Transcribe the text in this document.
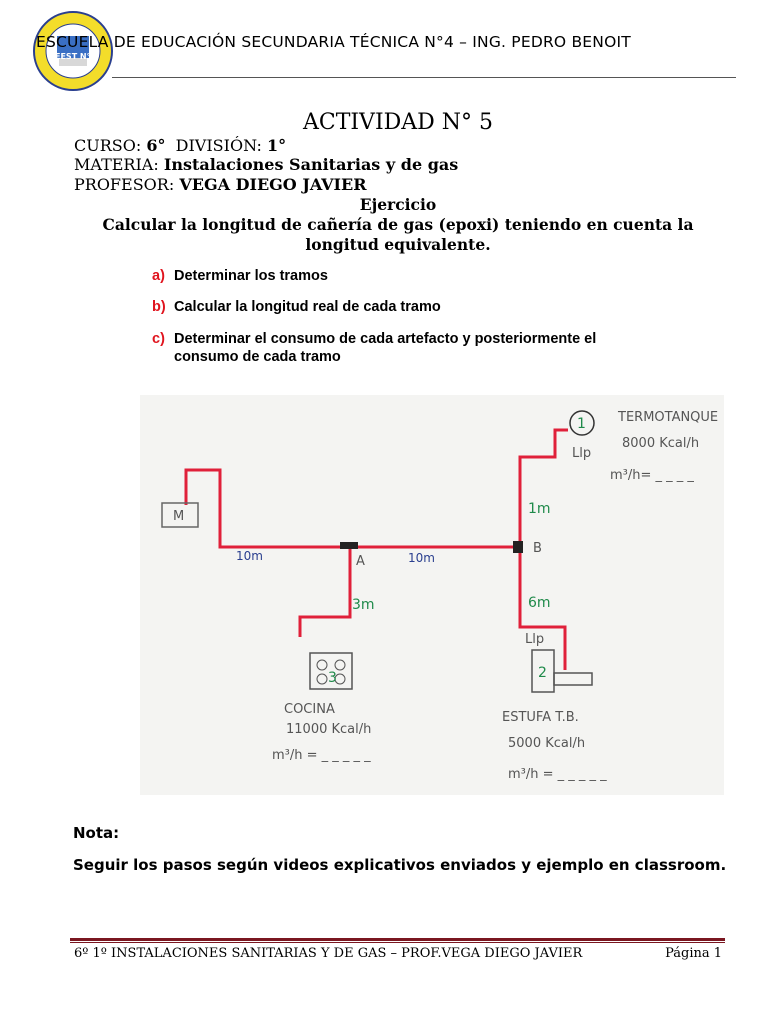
EEST N°4
ESCUELA DE EDUCACIÓN SECUNDARIA TÉCNICA N°4 – ING. PEDRO BENOIT
ACTIVIDAD N° 5
CURSO: 6° DIVISIÓN: 1°
MATERIA: Instalaciones Sanitarias y de gas
PROFESOR: VEGA DIEGO JAVIER
Ejercicio
Calcular la longitud de cañería de gas (epoxi) teniendo en cuenta la
longitud equivalente.
a) Determinar los tramos
b) Calcular la longitud real de cada tramo
c) Determinar el consumo de cada artefacto y posteriormente el consumo de cada tramo
M
A
B
10m	10m
1m
6m
3m
1 TERMOTANQUE
8000 Kcal/h
m³/h= _ _ _ _
Llp
2
Llp
ESTUFA T.B.
5000 Kcal/h
m³/h = _ _ _ _ _
3
COCINA
11000 Kcal/h
m³/h = _ _ _ _ _
Nota:
Seguir los pasos según videos explicativos enviados y ejemplo en classroom.
6º 1º INSTALACIONES SANITARIAS Y DE GAS – PROF.VEGA DIEGO JAVIER	Página 1
